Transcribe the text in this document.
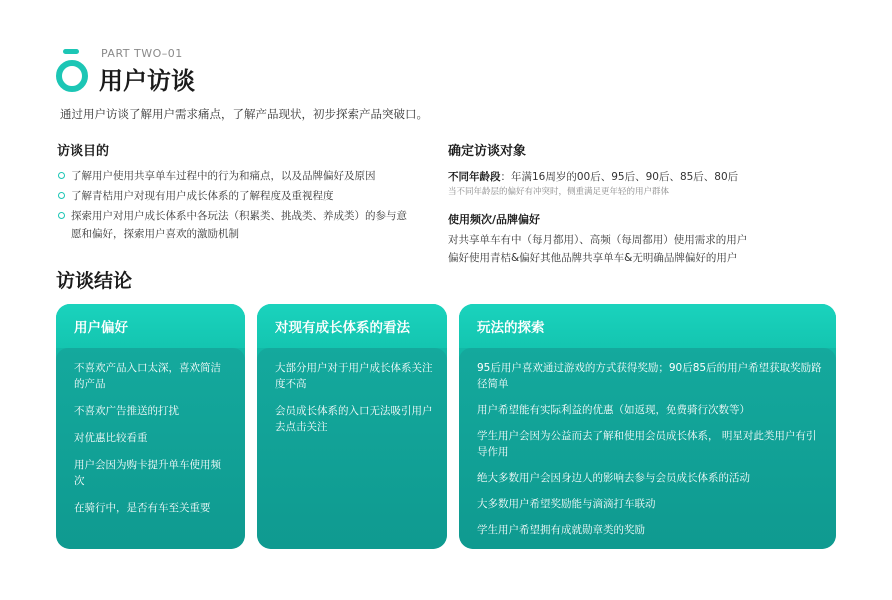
PART TWO–01
用户访谈
通过用户访谈了解用户需求痛点，了解产品现状，初步探索产品突破口。
访谈目的
了解用户使用共享单车过程中的行为和痛点，以及品牌偏好及原因
了解青桔用户对现有用户成长体系的了解程度及重视程度
探索用户对用户成长体系中各玩法（积累类、挑战类、养成类）的参与意愿和偏好，探索用户喜欢的激励机制
确定访谈对象
不同年龄段：年满16周岁的00后、95后、90后、85后、80后
当不同年龄层的偏好有冲突时，侧重满足更年轻的用户群体
使用频次/品牌偏好
对共享单车有中（每月都用）、高频（每周都用）使用需求的用户
偏好使用青桔&偏好其他品牌共享单车&无明确品牌偏好的用户
访谈结论
用户偏好
不喜欢产品入口太深，喜欢简洁的产品
不喜欢广告推送的打扰
对优惠比较看重
用户会因为购卡提升单车使用频次
在骑行中，是否有车至关重要
对现有成长体系的看法
大部分用户对于用户成长体系关注度不高
会员成长体系的入口无法吸引用户去点击关注
玩法的探索
95后用户喜欢通过游戏的方式获得奖励；90后85后的用户希望获取奖励路径简单
用户希望能有实际利益的优惠（如返现，免费骑行次数等）
学生用户会因为公益而去了解和使用会员成长体系， 明星对此类用户有引导作用
绝大多数用户会因身边人的影响去参与会员成长体系的活动
大多数用户希望奖励能与滴滴打车联动
学生用户希望拥有成就勋章类的奖励
